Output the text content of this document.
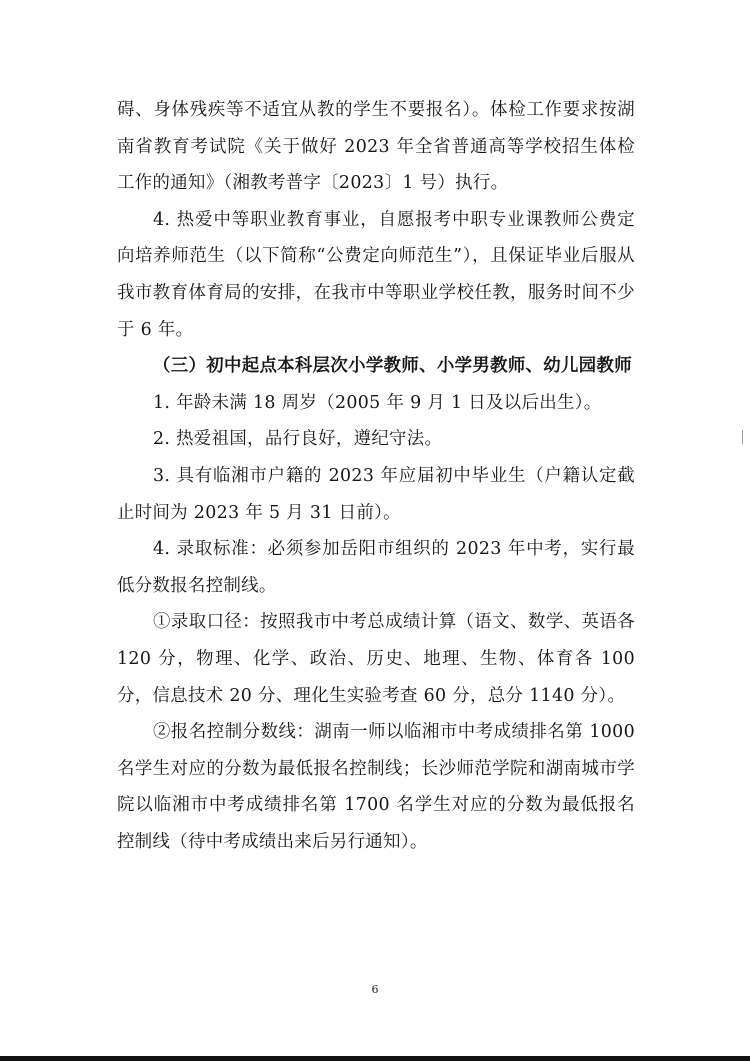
碍、身体残疾等不适宜从教的学生不要报名）。体检工作要求按湖南省教育考试院《关于做好 2023 年全省普通高等学校招生体检工作的通知》（湘教考普字〔2023〕1 号）执行。

4. 热爱中等职业教育事业，自愿报考中职专业课教师公费定向培养师范生（以下简称“公费定向师范生”），且保证毕业后服从我市教育体育局的安排，在我市中等职业学校任教，服务时间不少于 6 年。

（三）初中起点本科层次小学教师、小学男教师、幼儿园教师

1. 年龄未满 18 周岁（2005 年 9 月 1 日及以后出生）。

2. 热爱祖国，品行良好，遵纪守法。

3. 具有临湘市户籍的 2023 年应届初中毕业生（户籍认定截止时间为 2023 年 5 月 31 日前）。

4. 录取标准：必须参加岳阳市组织的 2023 年中考，实行最低分数报名控制线。

①录取口径：按照我市中考总成绩计算（语文、数学、英语各 120 分，物理、化学、政治、历史、地理、生物、体育各 100 分，信息技术 20 分、理化生实验考查 60 分，总分 1140 分）。

②报名控制分数线：湖南一师以临湘市中考成绩排名第 1000 名学生对应的分数为最低报名控制线；长沙师范学院和湖南城市学院以临湘市中考成绩排名第 1700 名学生对应的分数为最低报名控制线（待中考成绩出来后另行通知）。

6
